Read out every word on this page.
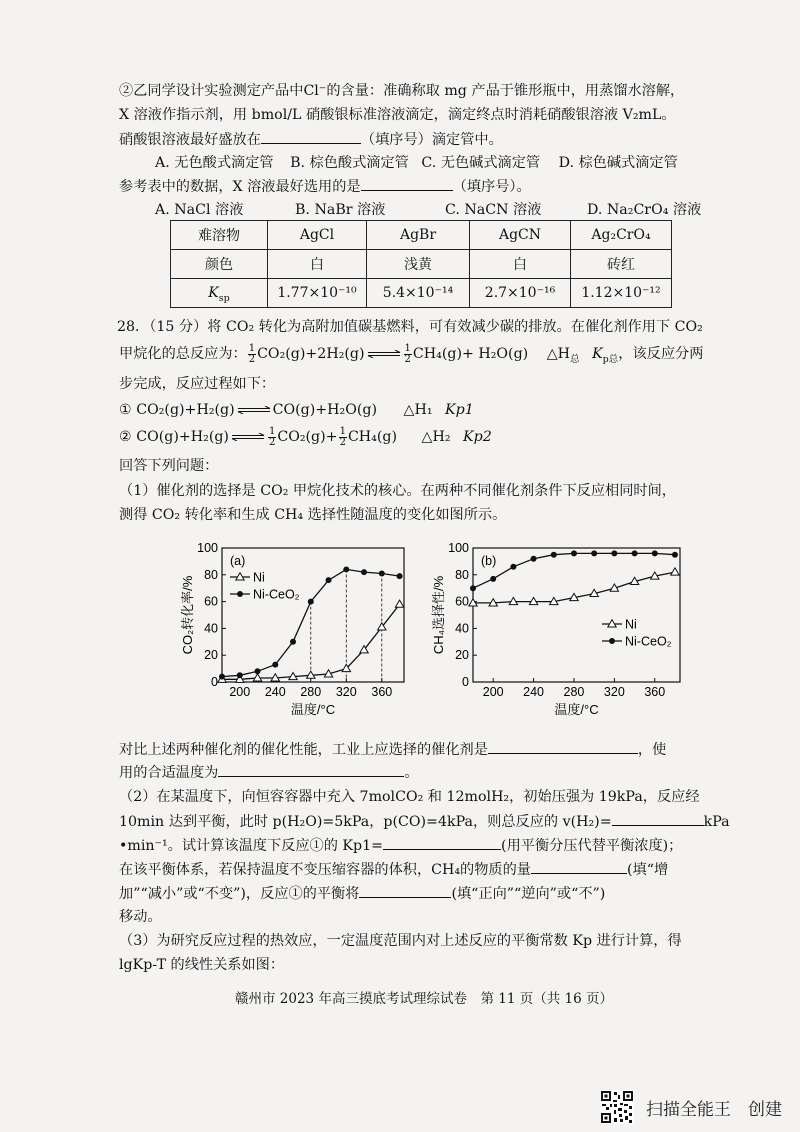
②乙同学设计实验测定产品中Cl⁻的含量：准确称取 mg 产品于锥形瓶中，用蒸馏水溶解，
X 溶液作指示剂，用 bmol/L 硝酸银标准溶液滴定，滴定终点时消耗硝酸银溶液 V₂mL。
硝酸银溶液最好盛放在	（填序号）滴定管中。
A. 无色酸式滴定管 B. 棕色酸式滴定管 C. 无色碱式滴定管 D. 棕色碱式滴定管
参考表中的数据，X 溶液最好选用的是	（填序号）。
A. NaCl 溶液	B. NaBr 溶液	C. NaCN 溶液	D. Na₂CrO₄ 溶液
难溶物	AgCl	AgBr	AgCN	Ag₂CrO₄
颜色	白	浅黄	白	砖红
$K_{sp}$	1.77×10⁻¹⁰	5.4×10⁻¹⁴	2.7×10⁻¹⁶	1.12×10⁻¹²
28．（15 分）将 CO₂ 转化为高附加值碳基燃料，可有效减少碳的排放。在催化剂作用下 CO₂
甲烷化的总反应为： $\frac{1}{2} CO_2(g)+2H_2(g)$ ⇌ $\frac{1}{2} CH_4(g)+ H_2O(g)$ $\triangle H_总$ $K_{p总}$，该反应分两
步完成，反应过程如下：
① CO₂(g)+H₂(g) ⇌ CO(g)+H₂O(g) △H₁ Kp1
② CO(g)+H₂(g) ⇌ $\frac{1}{2} CO_2(g)+ \frac{1}{2} CH_4(g)$ △H₂ Kp2
回答下列问题：
（1）催化剂的选择是 CO₂ 甲烷化技术的核心。在两种不同催化剂条件下反应相同时间，
测得 CO₂ 转化率和生成 CH₄ 选择性随温度的变化如图所示。
200 240 280 320 360
0
20
40
60
80
100
温度/°C
CO₂转化率/%
(a)
Ni
Ni-CeO₂
200 240 280 320 360
0
20
40
60
80
100
温度/°C
CH₄选择性/%
(b)
Ni
Ni-CeO₂
对比上述两种催化剂的催化性能，工业上应选择的催化剂是	，使
用的合适温度为	。
（2）在某温度下，向恒容容器中充入 7molCO₂ 和 12molH₂，初始压强为 19kPa，反应经
10min 达到平衡，此时 p(H₂O)=5kPa，p(CO)=4kPa，则总反应的 v(H₂)=	kPa
•min⁻¹。试计算该温度下反应①的 Kp1=	(用平衡分压代替平衡浓度)；
在该平衡体系，若保持温度不变压缩容器的体积，CH₄的物质的量	(填“增
加”“减小”或“不变”)，反应①的平衡将	(填“正向”“逆向”或“不”)
移动。
（3）为研究反应过程的热效应，一定温度范围内对上述反应的平衡常数 Kp 进行计算，得
lgKp-T 的线性关系如图：
赣州市 2023 年高三摸底考试理综试卷　第 11 页（共 16 页）
扫描全能王　创建
